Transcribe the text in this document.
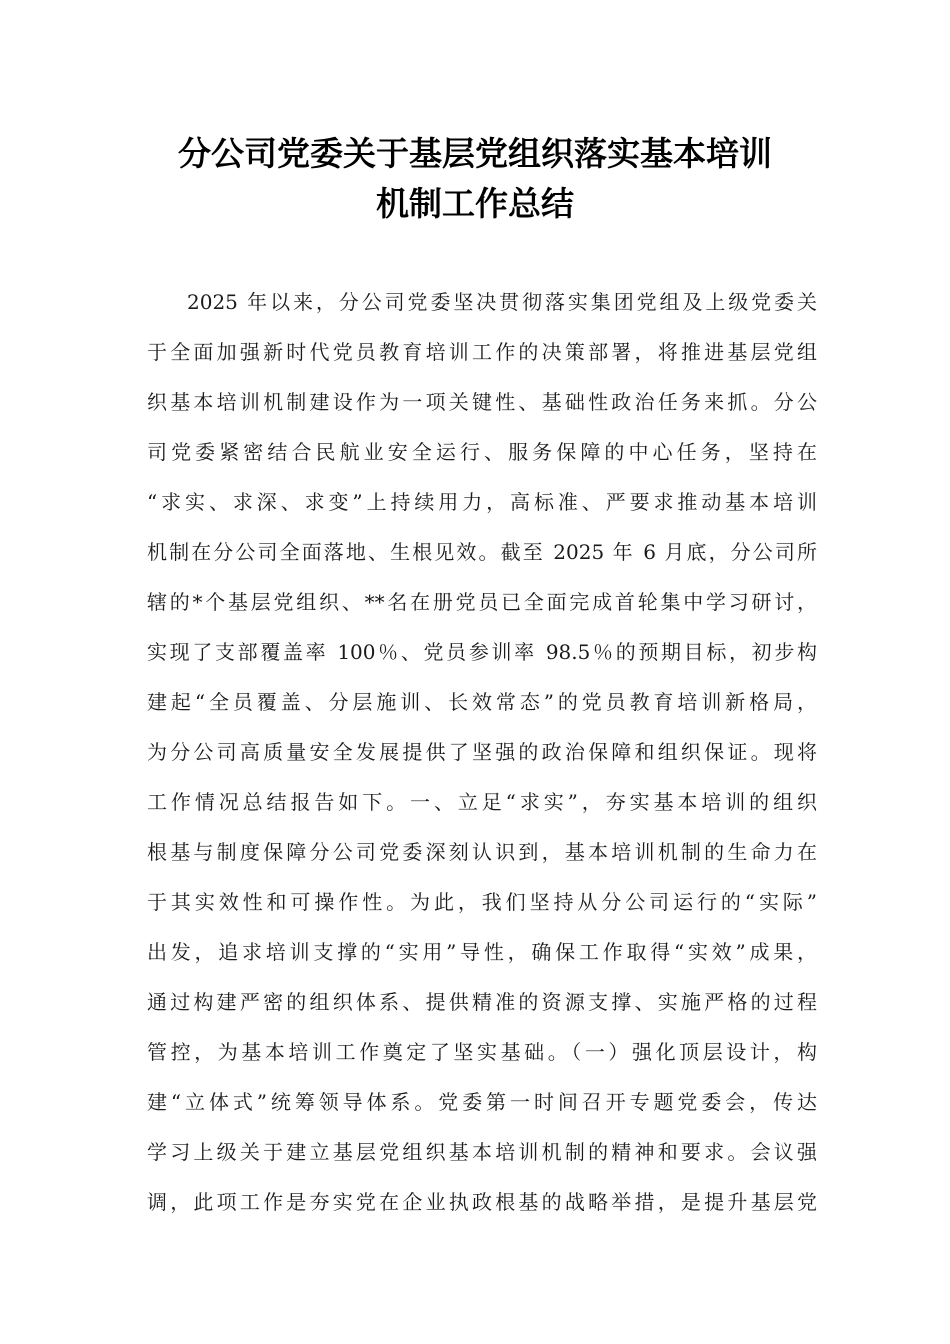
分公司党委关于基层党组织落实基本培训
机制工作总结

2025 年以来，分公司党委坚决贯彻落实集团党组及上级党委关

于全面加强新时代党员教育培训工作的决策部署，将推进基层党组

织基本培训机制建设作为一项关键性、基础性政治任务来抓。分公

司党委紧密结合民航业安全运行、服务保障的中心任务，坚持在

“求实、求深、求变”上持续用力，高标准、严要求推动基本培训

机制在分公司全面落地、生根见效。截至 2025 年 6 月底，分公司所

辖的*个基层党组织、**名在册党员已全面完成首轮集中学习研讨，

实现了支部覆盖率 100％、党员参训率 98.5％的预期目标，初步构

建起“全员覆盖、分层施训、长效常态”的党员教育培训新格局，

为分公司高质量安全发展提供了坚强的政治保障和组织保证。现将

工作情况总结报告如下。一、立足“求实”，夯实基本培训的组织

根基与制度保障分公司党委深刻认识到，基本培训机制的生命力在

于其实效性和可操作性。为此，我们坚持从分公司运行的“实际”

出发，追求培训支撑的“实用”导性，确保工作取得“实效”成果，

通过构建严密的组织体系、提供精准的资源支撑、实施严格的过程

管控，为基本培训工作奠定了坚实基础。（一）强化顶层设计，构

建“立体式”统筹领导体系。党委第一时间召开专题党委会，传达

学习上级关于建立基层党组织基本培训机制的精神和要求。会议强

调，此项工作是夯实党在企业执政根基的战略举措，是提升基层党
